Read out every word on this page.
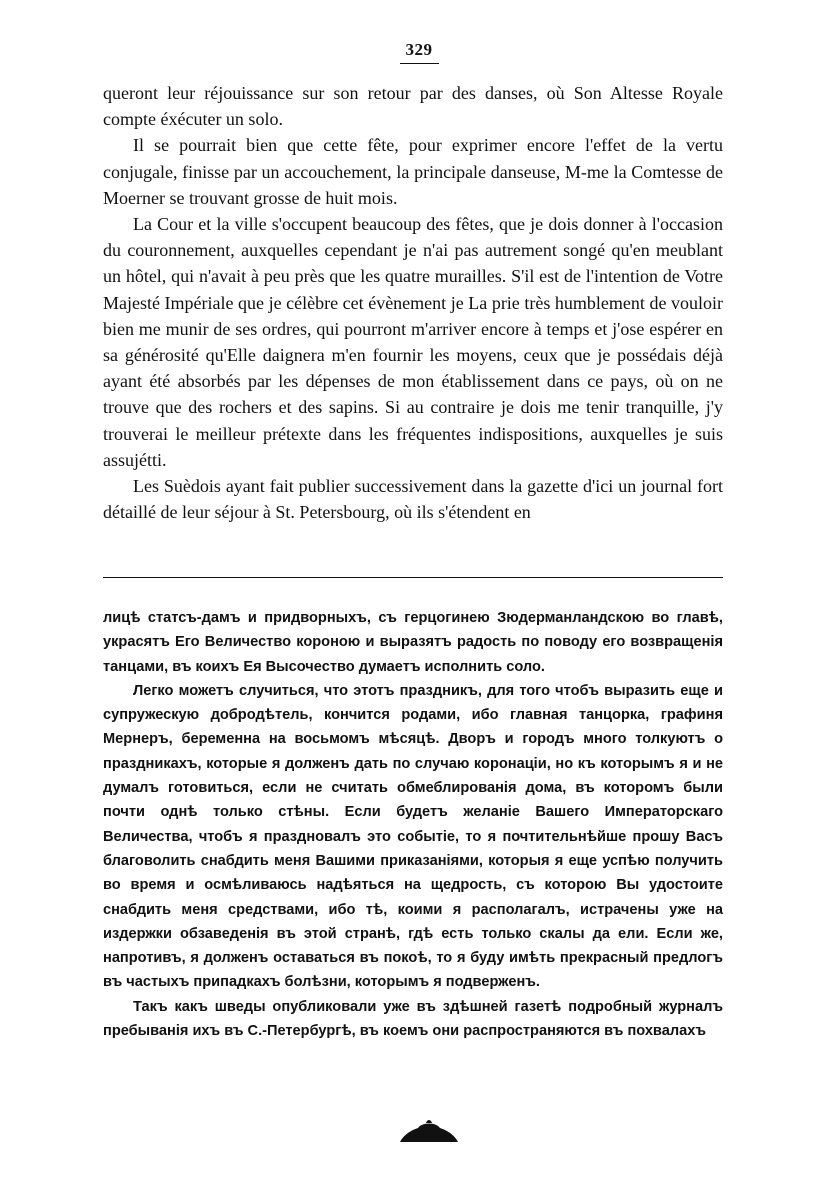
329

queront leur réjouissance sur son retour par des danses, où Son Altesse Royale compte éxécuter un solo.

Il se pourrait bien que cette fête, pour exprimer encore l'effet de la vertu conjugale, finisse par un accouchement, la principale danseuse, M-me la Comtesse de Moerner se trouvant grosse de huit mois.

La Cour et la ville s'occupent beaucoup des fêtes, que je dois donner à l'occasion du couronnement, auxquelles cependant je n'ai pas autrement songé qu'en meublant un hôtel, qui n'avait à peu près que les quatre murailles. S'il est de l'intention de Votre Majesté Impériale que je célèbre cet évènement je La prie très humblement de vouloir bien me munir de ses ordres, qui pourront m'arriver encore à temps et j'ose espérer en sa générosité qu'Elle daignera m'en fournir les moyens, ceux que je possédais déjà ayant été absorbés par les dépenses de mon établissement dans ce pays, où on ne trouve que des rochers et des sapins. Si au contraire je dois me tenir tranquille, j'y trouverai le meilleur prétexte dans les fréquentes indispositions, auxquelles je suis assujétti.

Les Suèdois ayant fait publier successivement dans la gazette d'ici un journal fort détaillé de leur séjour à St. Petersbourg, où ils s'étendent en

лицѣ статсъ-дамъ и придворныхъ, съ герцогинею Зюдерманландскою во главѣ, украсятъ Его Величество короною и выразятъ радость по поводу его возвращенія танцами, въ коихъ Ея Высочество думаетъ исполнить соло.

Легко можетъ случиться, что этотъ праздникъ, для того чтобъ выразить еще и супружескую добродѣтель, кончится родами, ибо главная танцорка, графиня Мернеръ, беременна на восьмомъ мѣсяцѣ. Дворъ и городъ много толкуютъ о праздникахъ, которые я долженъ дать по случаю коронаціи, но къ которымъ я и не думалъ готовиться, если не считать обмеблированія дома, въ которомъ были почти однѣ только стѣны. Если будетъ желаніе Вашего Императорскаго Величества, чтобъ я праздновалъ это событіе, то я почтительнѣйше прошу Васъ благоволить снабдить меня Вашими приказаніями, которыя я еще успѣю получить во время и осмѣливаюсь надѣяться на щедрость, съ которою Вы удостоите снабдить меня средствами, ибо тѣ, коими я располагалъ, истрачены уже на издержки обзаведенія въ этой странѣ, гдѣ есть только скалы да ели. Если же, напротивъ, я долженъ оставаться въ покоѣ, то я буду имѣть прекрасный предлогъ въ частыхъ припадкахъ болѣзни, которымъ я подверженъ.

Такъ какъ шведы опубликовали уже въ здѣшней газетѣ подробный журналъ пребыванія ихъ въ С.-Петербургѣ, въ коемъ они распространяются въ похвалахъ
